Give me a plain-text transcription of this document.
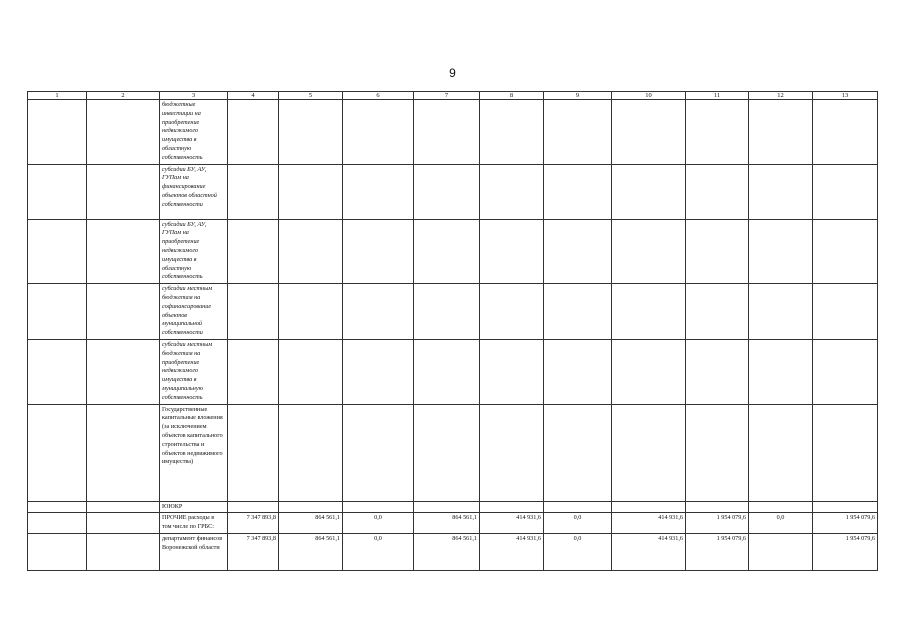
9
1	2	3	4	5	6	7	8	9	10	11	12	13
		бюджетные инвестиции на приобретение недвижимого имущества в областную собственность										
		субсидии БУ, АУ, ГУПам на финансирование объектов областной собственности										
		субсидии БУ, АУ, ГУПам на приобретение недвижимого имущества в областную собственность										
		субсидии местным бюджетам на софинансирование объектов муниципальной собственности										
		субсидии местным бюджетам на приобретение недвижимого имущества в муниципальную собственность										
		Государственные капитальные вложения (за исключением объектов капитального строительства и объектов недвижимого имущества)										
		ЮЮКР										
		ПРОЧИЕ расходы в том числе по ГРБС:	7 347 893,8	864 561,1	0,0	864 561,1	414 931,6	0,0	414 931,6	1 954 079,6	0,0	1 954 079,6
		департамент финансов Воронежской области	7 347 893,8	864 561,1	0,0	864 561,1	414 931,6	0,0	414 931,6	1 954 079,6		1 954 079,6
